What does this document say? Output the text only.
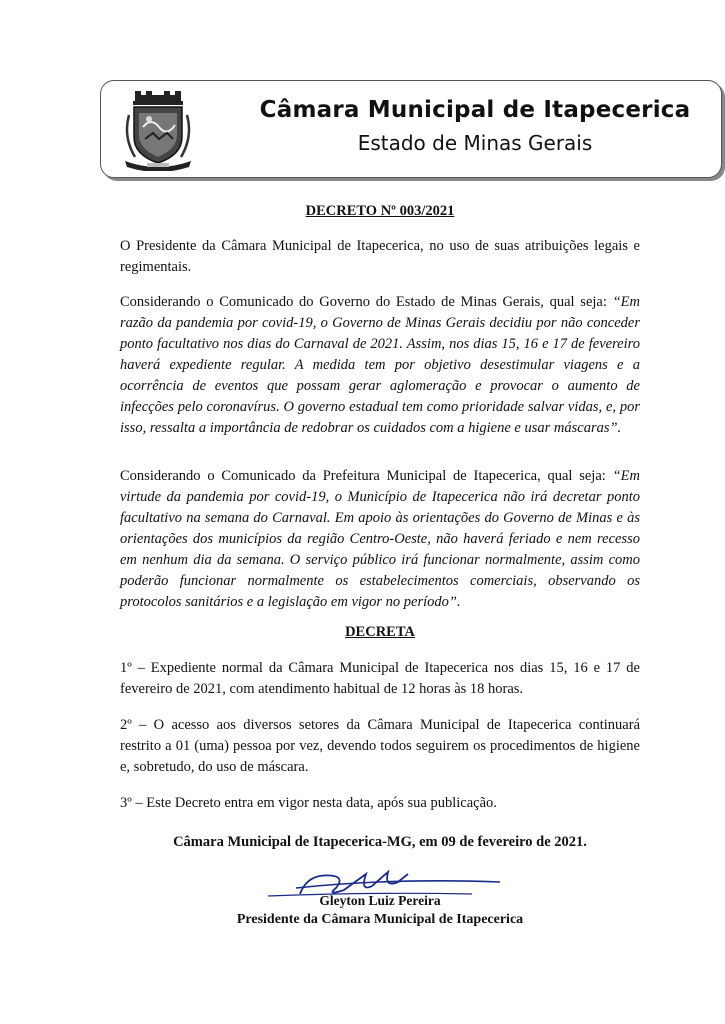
Câmara Municipal de Itapecerica
Estado de Minas Gerais
DECRETO Nº 003/2021
O Presidente da Câmara Municipal de Itapecerica, no uso de suas atribuições legais e regimentais.
Considerando o Comunicado do Governo do Estado de Minas Gerais, qual seja: “Em razão da pandemia por covid-19, o Governo de Minas Gerais decidiu por não conceder ponto facultativo nos dias do Carnaval de 2021. Assim, nos dias 15, 16 e 17 de fevereiro haverá expediente regular. A medida tem por objetivo desestimular viagens e a ocorrência de eventos que possam gerar aglomeração e provocar o aumento de infecções pelo coronavírus. O governo estadual tem como prioridade salvar vidas, e, por isso, ressalta a importância de redobrar os cuidados com a higiene e usar máscaras”.
Considerando o Comunicado da Prefeitura Municipal de Itapecerica, qual seja: “Em virtude da pandemia por covid-19, o Município de Itapecerica não irá decretar ponto facultativo na semana do Carnaval. Em apoio às orientações do Governo de Minas e às orientações dos municípios da região Centro-Oeste, não haverá feriado e nem recesso em nenhum dia da semana. O serviço público irá funcionar normalmente, assim como poderão funcionar normalmente os estabelecimentos comerciais, observando os protocolos sanitários e a legislação em vigor no período”.
DECRETA
1º – Expediente normal da Câmara Municipal de Itapecerica nos dias 15, 16 e 17 de fevereiro de 2021, com atendimento habitual de 12 horas às 18 horas.
2º – O acesso aos diversos setores da Câmara Municipal de Itapecerica continuará restrito a 01 (uma) pessoa por vez, devendo todos seguirem os procedimentos de higiene e, sobretudo, do uso de máscara.
3º – Este Decreto entra em vigor nesta data, após sua publicação.
Câmara Municipal de Itapecerica-MG, em 09 de fevereiro de 2021.
Gleyton Luiz Pereira
Presidente da Câmara Municipal de Itapecerica
